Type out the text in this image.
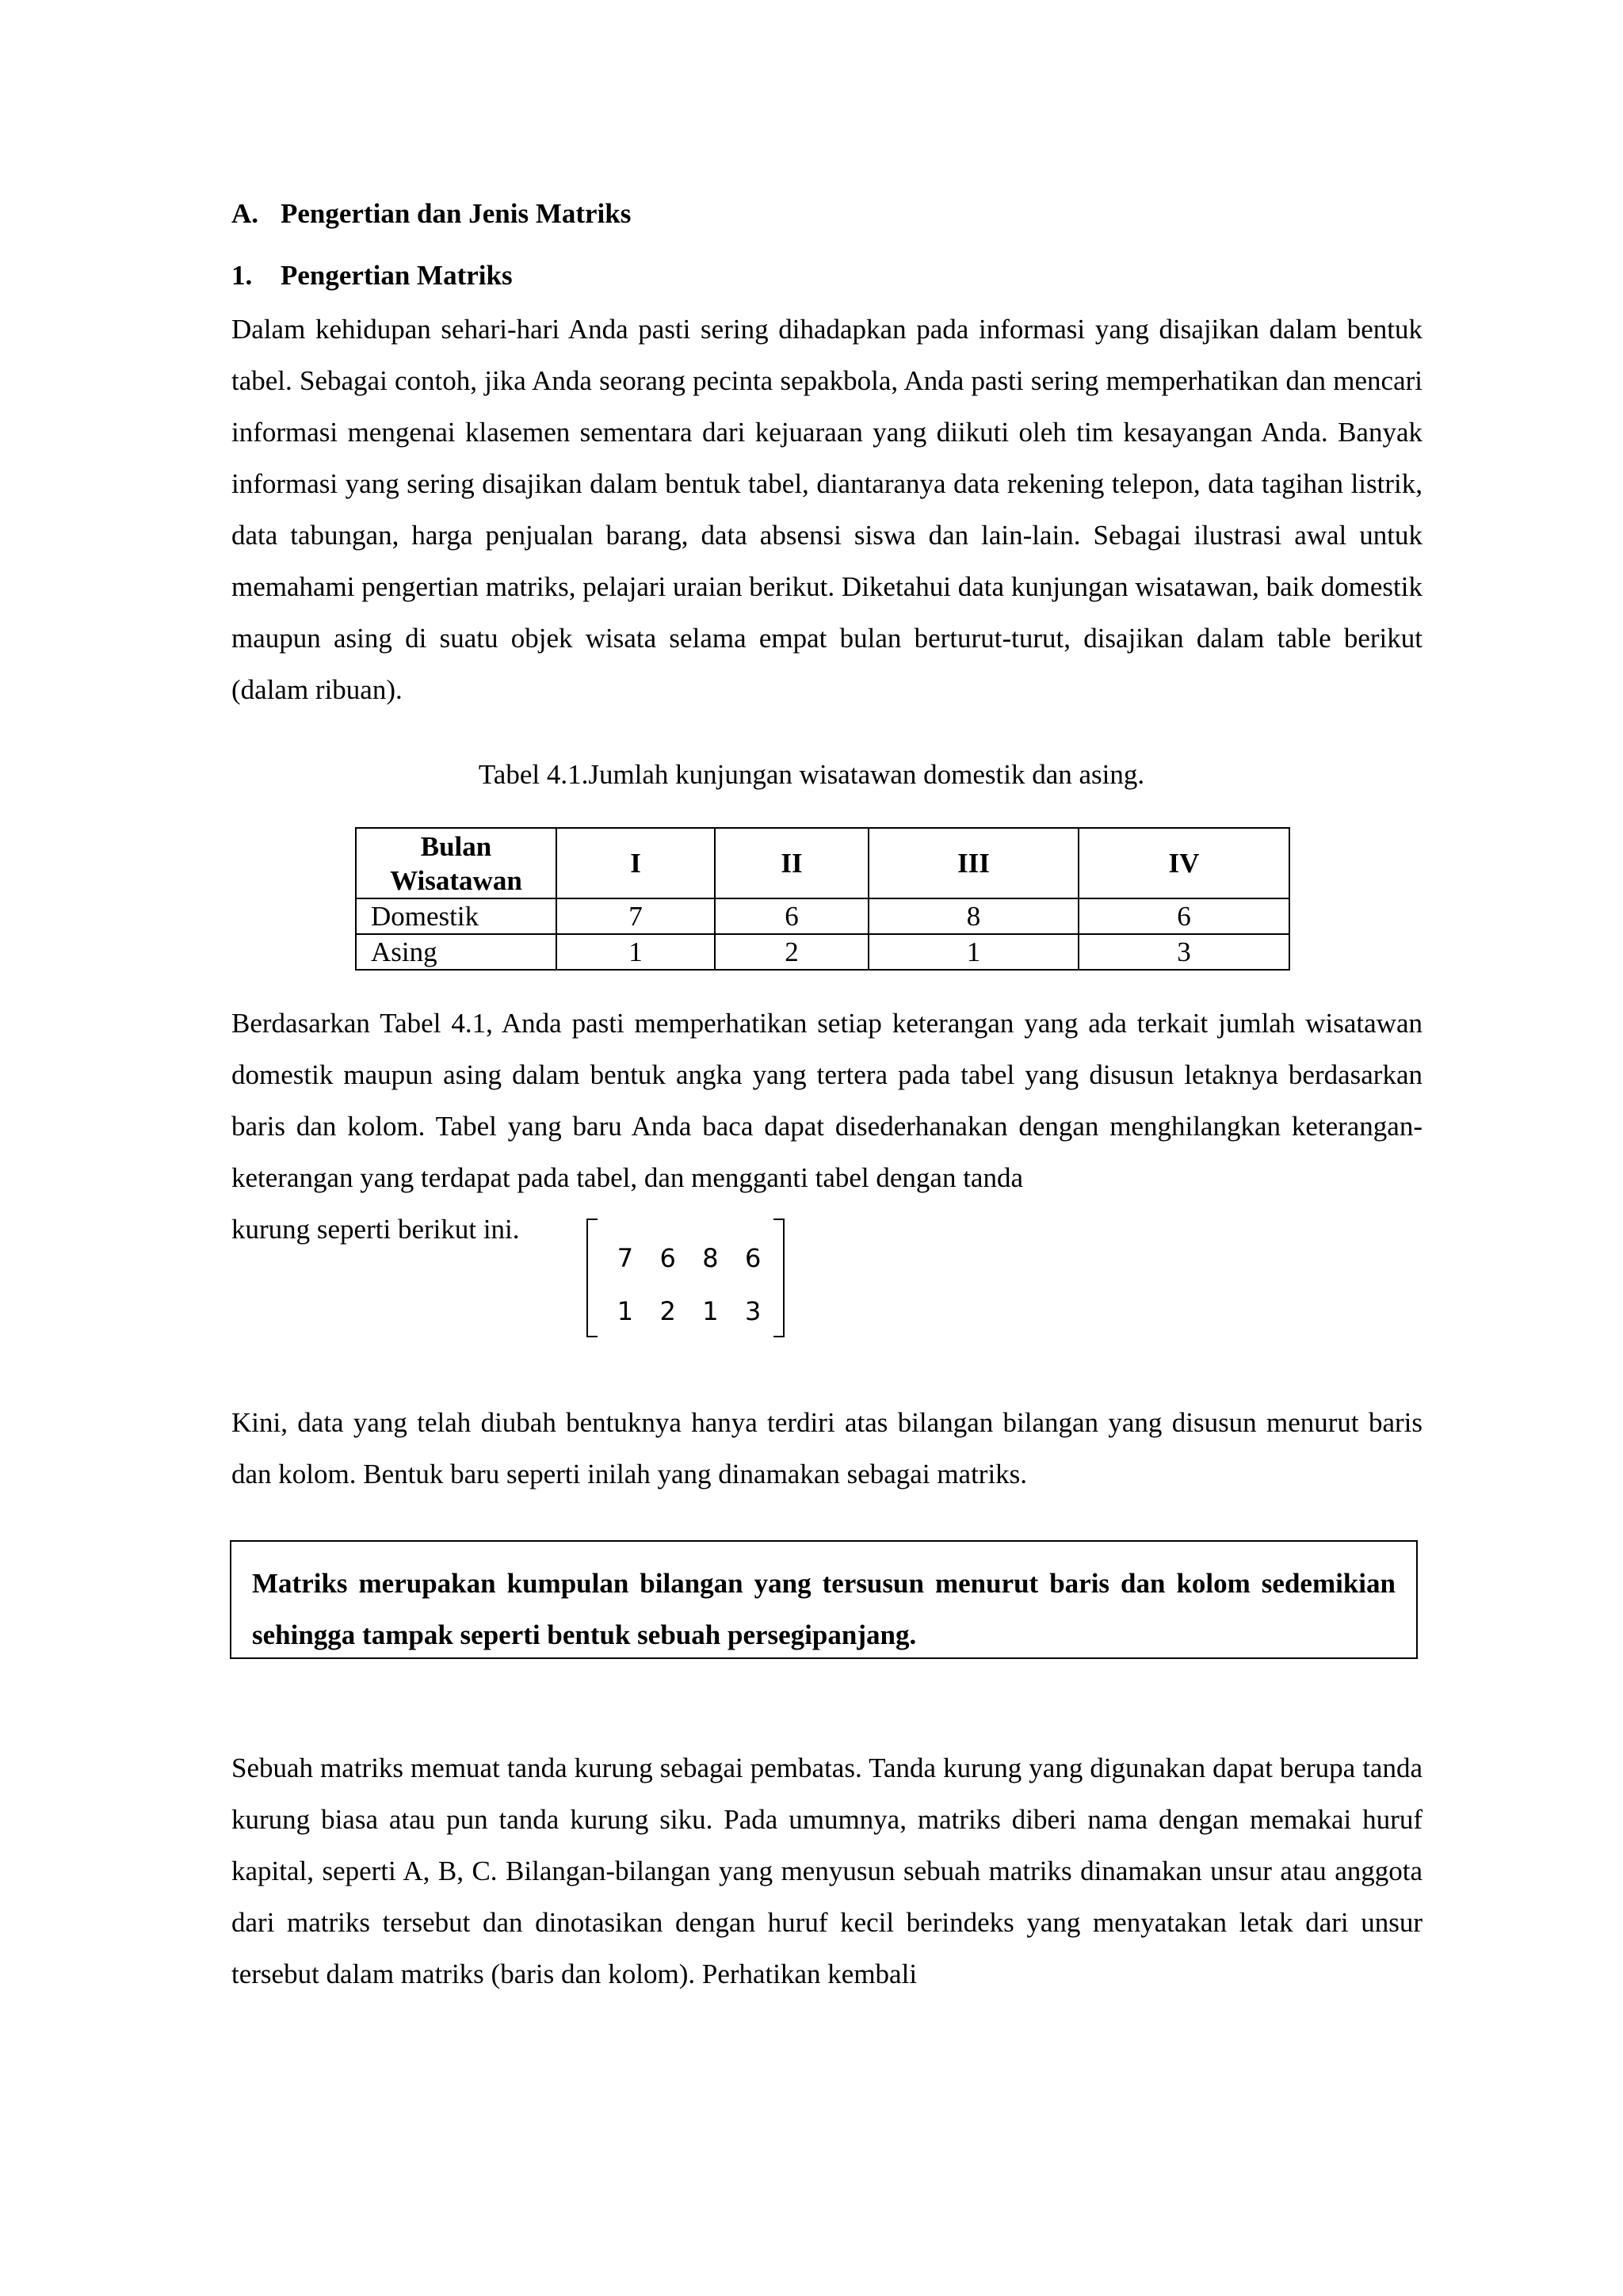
A. Pengertian dan Jenis Matriks
1. Pengertian Matriks

Dalam kehidupan sehari-hari Anda pasti sering dihadapkan pada informasi yang disajikan dalam bentuk tabel. Sebagai contoh, jika Anda seorang pecinta sepakbola, Anda pasti sering memperhatikan dan mencari informasi mengenai klasemen sementara dari kejuaraan yang diikuti oleh tim kesayangan Anda. Banyak informasi yang sering disajikan dalam bentuk tabel, diantaranya data rekening telepon, data tagihan listrik, data tabungan, harga penjualan barang, data absensi siswa dan lain-lain. Sebagai ilustrasi awal untuk memahami pengertian matriks, pelajari uraian berikut. Diketahui data kunjungan wisatawan, baik domestik maupun asing di suatu objek wisata selama empat bulan berturut-turut, disajikan dalam table berikut (dalam ribuan).

Tabel 4.1.Jumlah kunjungan wisatawan domestik dan asing.
Bulan
Wisatawan	I	II	III	IV
Domestik	7	6	8	6
Asing	1	2	1	3

Berdasarkan Tabel 4.1, Anda pasti memperhatikan setiap keterangan yang ada terkait jumlah wisatawan domestik maupun asing dalam bentuk angka yang tertera pada tabel yang disusun letaknya berdasarkan baris dan kolom. Tabel yang baru Anda baca dapat disederhanakan dengan menghilangkan keterangan-keterangan yang terdapat pada tabel, dan mengganti tabel dengan tanda

kurung seperti berikut ini.

7	6	8	6
1	2	1	3

Kini, data yang telah diubah bentuknya hanya terdiri atas bilangan bilangan yang disusun menurut baris dan kolom. Bentuk baru seperti inilah yang dinamakan sebagai matriks.

Matriks merupakan kumpulan bilangan yang tersusun menurut baris dan kolom sedemikian sehingga tampak seperti bentuk sebuah persegipanjang.

Sebuah matriks memuat tanda kurung sebagai pembatas. Tanda kurung yang digunakan dapat berupa tanda kurung biasa atau pun tanda kurung siku. Pada umumnya, matriks diberi nama dengan memakai huruf kapital, seperti A, B, C. Bilangan-bilangan yang menyusun sebuah matriks dinamakan unsur atau anggota dari matriks tersebut dan dinotasikan dengan huruf kecil berindeks yang menyatakan letak dari unsur tersebut dalam matriks (baris dan kolom). Perhatikan kembali
